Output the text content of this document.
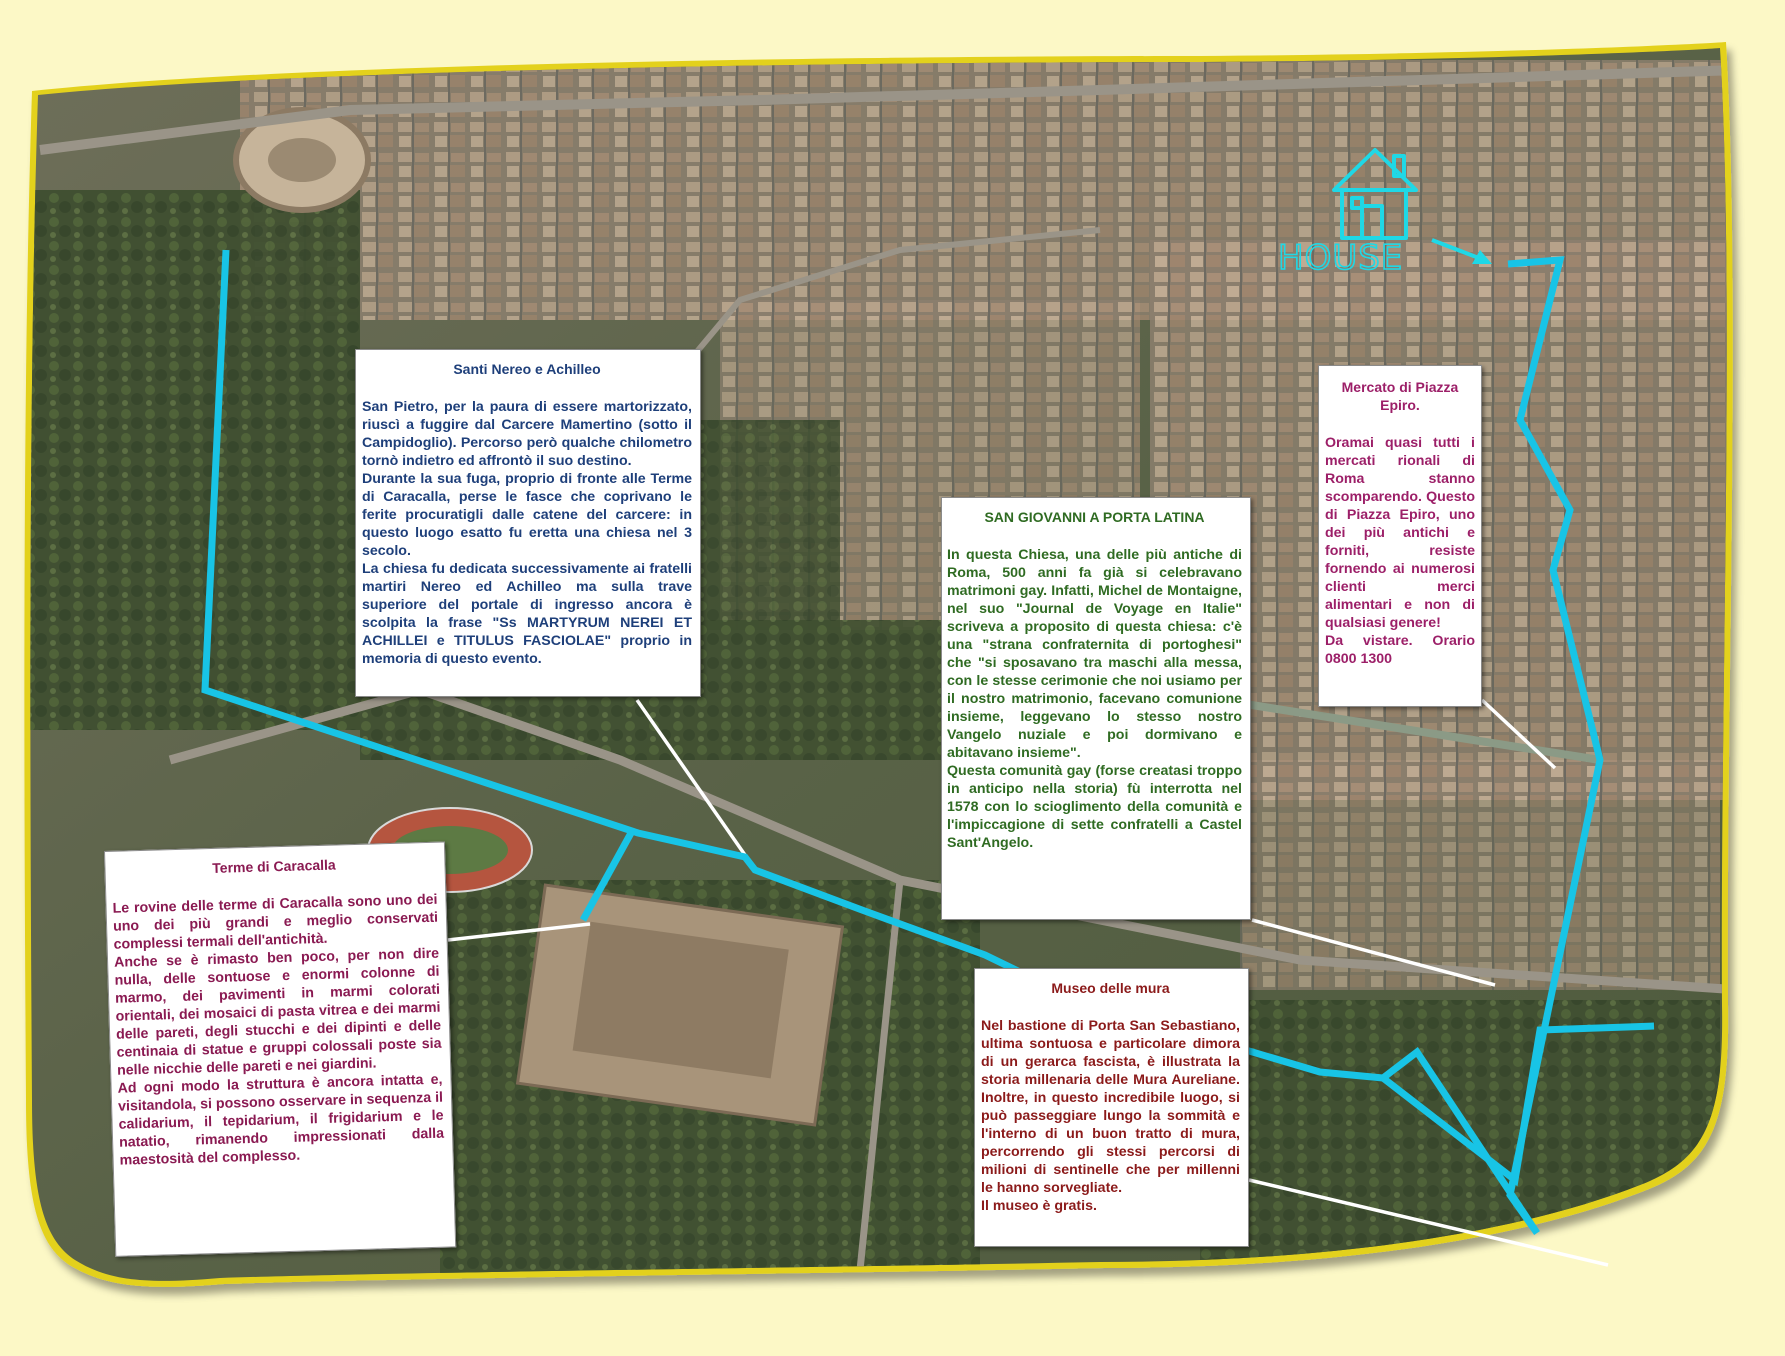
HOUSE
Santi Nereo e Achilleo

San Pietro, per la paura di essere martorizzato, riuscì a fuggire dal Carcere Mamertino (sotto il Campidoglio). Percorso però qualche chilometro tornò indietro ed affrontò il suo destino.
Durante la sua fuga, proprio di fronte alle Terme di Caracalla, perse le fasce che coprivano le ferite procuratigli dalle catene del carcere: in questo luogo esatto fu eretta una chiesa nel 3 secolo.
La chiesa fu dedicata successivamente ai fratelli martiri Nereo ed Achilleo ma sulla trave superiore del portale di ingresso ancora è scolpita la frase "Ss MARTYRUM NEREI ET ACHILLEI e TITULUS FASCIOLAE" proprio in memoria di questo evento.

SAN GIOVANNI A PORTA LATINA

In questa Chiesa, una delle più antiche di Roma, 500 anni fa già si celebravano matrimoni gay. Infatti, Michel de Montaigne, nel suo "Journal de Voyage en Italie" scriveva a proposito di questa chiesa: c'è una "strana confraternita di portoghesi" che "si sposavano tra maschi alla messa, con le stesse cerimonie che noi usiamo per il nostro matrimonio, facevano comunione insieme, leggevano lo stesso nostro Vangelo nuziale e poi dormivano e abitavano insieme".
Questa comunità gay (forse creatasi troppo in anticipo nella storia) fù interrotta nel 1578 con lo scioglimento della comunità e l'impiccagione di sette confratelli a Castel Sant'Angelo.

Mercato di Piazza Epiro.

Oramai quasi tutti i mercati rionali di Roma stanno scomparendo. Questo di Piazza Epiro, uno dei più antichi e forniti, resiste fornendo ai numerosi clienti merci alimentari e non di qualsiasi genere!
Da vistare. Orario 0800 1300

Terme di Caracalla

Le rovine delle terme di Caracalla sono uno dei uno dei più grandi e meglio conservati complessi termali dell'antichità.
Anche se è rimasto ben poco, per non dire nulla, delle sontuose e enormi colonne di marmo, dei pavimenti in marmi colorati orientali, dei mosaici di pasta vitrea e dei marmi delle pareti, degli stucchi e dei dipinti e delle centinaia di statue e gruppi colossali poste sia nelle nicchie delle pareti e nei giardini.
Ad ogni modo la struttura è ancora intatta e, visitandola, si possono osservare in sequenza il calidarium, il tepidarium, il frigidarium e le natatio, rimanendo impressionati dalla maestosità del complesso.

Museo delle mura

Nel bastione di Porta San Sebastiano, ultima sontuosa e particolare dimora di un gerarca fascista, è illustrata la storia millenaria delle Mura Aureliane. Inoltre, in questo incredibile luogo, si può passeggiare lungo la sommità e l'interno di un buon tratto di mura, percorrendo gli stessi percorsi di milioni di sentinelle che per millenni le hanno sorvegliate.
Il museo è gratis.
